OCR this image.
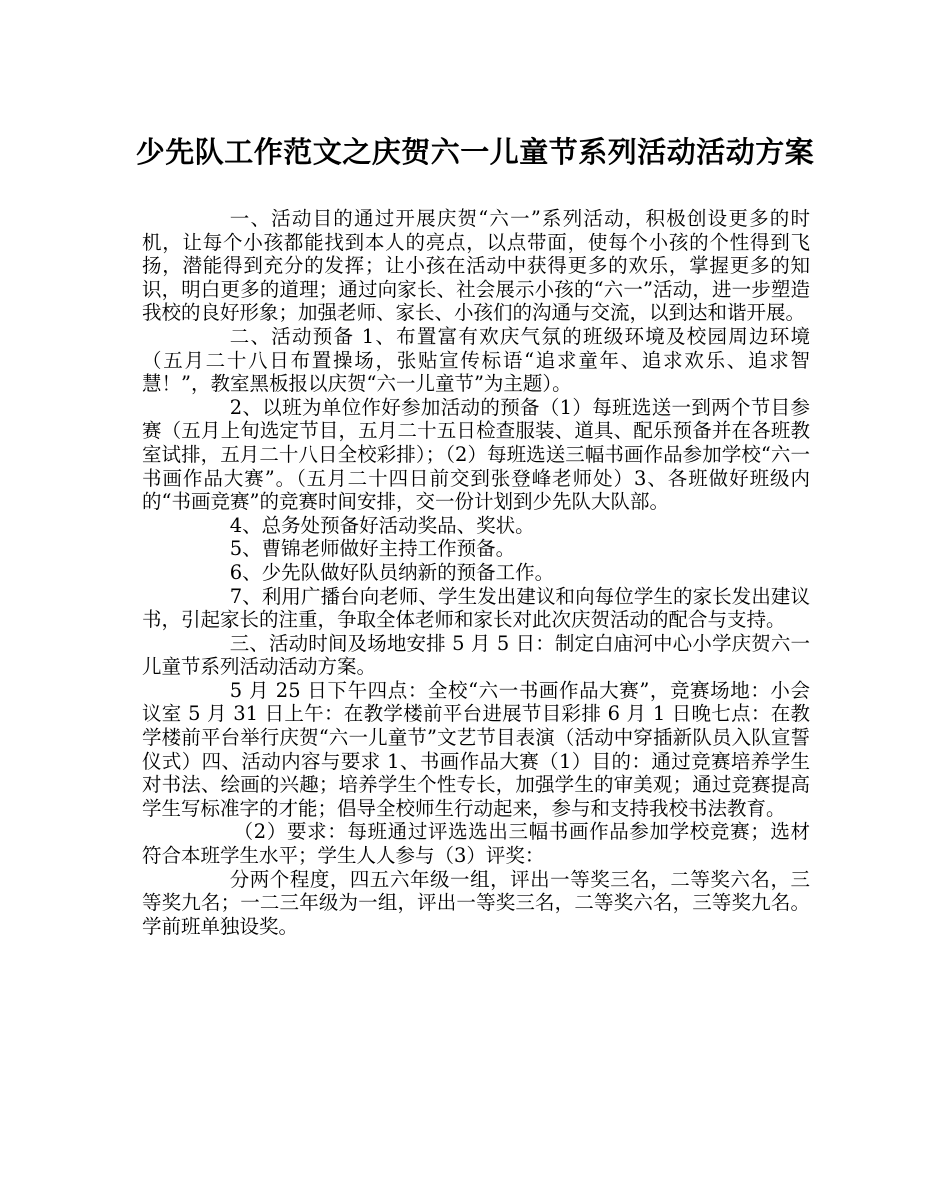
少先队工作范文之庆贺六一儿童节系列活动活动方案

一、活动目的通过开展庆贺“六一”系列活动，积极创设更多的时机，让每个小孩都能找到本人的亮点，以点带面，使每个小孩的个性得到飞扬，潜能得到充分的发挥；让小孩在活动中获得更多的欢乐，掌握更多的知识，明白更多的道理；通过向家长、社会展示小孩的“六一”活动，进一步塑造我校的良好形象；加强老师、家长、小孩们的沟通与交流，以到达和谐开展。

二、活动预备 1、布置富有欢庆气氛的班级环境及校园周边环境（五月二十八日布置操场，张贴宣传标语“追求童年、追求欢乐、追求智慧！”，教室黑板报以庆贺“六一儿童节”为主题）。

2、以班为单位作好参加活动的预备（1）每班选送一到两个节目参赛（五月上旬选定节目，五月二十五日检查服装、道具、配乐预备并在各班教室试排，五月二十八日全校彩排）；（2）每班选送三幅书画作品参加学校“六一书画作品大赛”。（五月二十四日前交到张登峰老师处）3、各班做好班级内的“书画竞赛”的竞赛时间安排，交一份计划到少先队大队部。

4、总务处预备好活动奖品、奖状。

5、曹锦老师做好主持工作预备。

6、少先队做好队员纳新的预备工作。

7、利用广播台向老师、学生发出建议和向每位学生的家长发出建议书，引起家长的注重，争取全体老师和家长对此次庆贺活动的配合与支持。

三、活动时间及场地安排 5 月 5 日：制定白庙河中心小学庆贺六一儿童节系列活动活动方案。

5 月 25 日下午四点：全校“六一书画作品大赛”，竞赛场地：小会议室 5 月 31 日上午：在教学楼前平台进展节目彩排 6 月 1 日晚七点：在教学楼前平台举行庆贺“六一儿童节”文艺节目表演（活动中穿插新队员入队宣誓仪式）四、活动内容与要求 1、书画作品大赛（1）目的：通过竞赛培养学生对书法、绘画的兴趣；培养学生个性专长，加强学生的审美观；通过竞赛提高学生写标准字的才能；倡导全校师生行动起来，参与和支持我校书法教育。

（2）要求：每班通过评选选出三幅书画作品参加学校竞赛；选材符合本班学生水平；学生人人参与（3）评奖：

分两个程度，四五六年级一组，评出一等奖三名，二等奖六名，三等奖九名；一二三年级为一组，评出一等奖三名，二等奖六名，三等奖九名。学前班单独设奖。
